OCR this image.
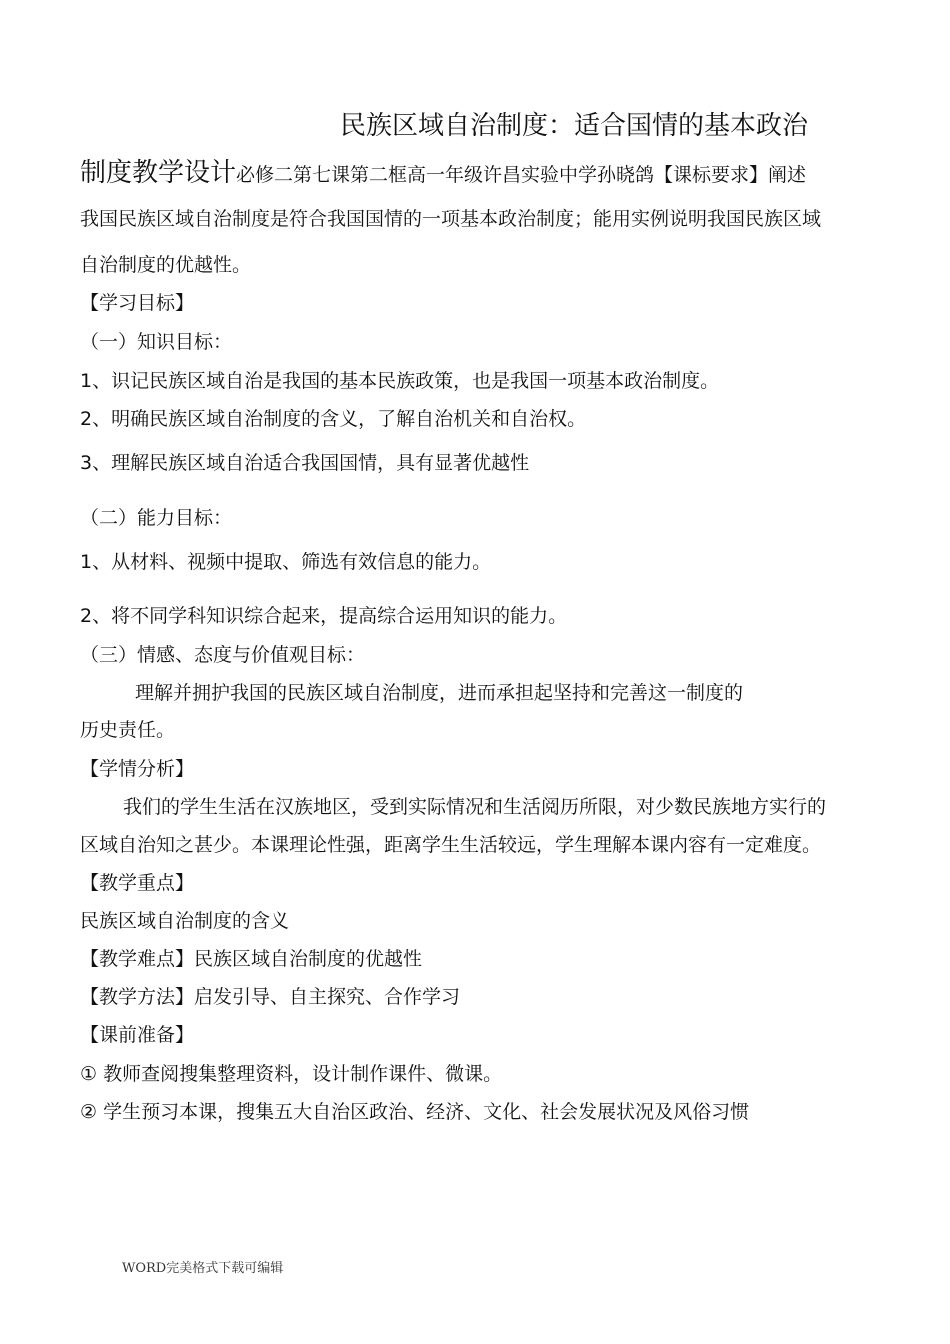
民族区域自治制度：适合国情的基本政治
制度教学设计必修二第七课第二框高一年级许昌实验中学孙晓鸽【课标要求】阐述
我国民族区域自治制度是符合我国国情的一项基本政治制度；能用实例说明我国民族区域
自治制度的优越性。
【学习目标】
（一）知识目标：
1、识记民族区域自治是我国的基本民族政策，也是我国一项基本政治制度。
2、明确民族区域自治制度的含义，了解自治机关和自治权。
3、理解民族区域自治适合我国国情，具有显著优越性
（二）能力目标：
1、从材料、视频中提取、筛选有效信息的能力。
2、将不同学科知识综合起来，提高综合运用知识的能力。
（三）情感、态度与价值观目标：
理解并拥护我国的民族区域自治制度，进而承担起坚持和完善这一制度的
历史责任。
【学情分析】
我们的学生生活在汉族地区，受到实际情况和生活阅历所限，对少数民族地方实行的
区域自治知之甚少。本课理论性强，距离学生生活较远，学生理解本课内容有一定难度。
【教学重点】
民族区域自治制度的含义
【教学难点】民族区域自治制度的优越性
【教学方法】启发引导、自主探究、合作学习
【课前准备】
① 教师查阅搜集整理资料，设计制作课件、微课。
② 学生预习本课，搜集五大自治区政治、经济、文化、社会发展状况及风俗习惯
WORD完美格式下载可编辑
